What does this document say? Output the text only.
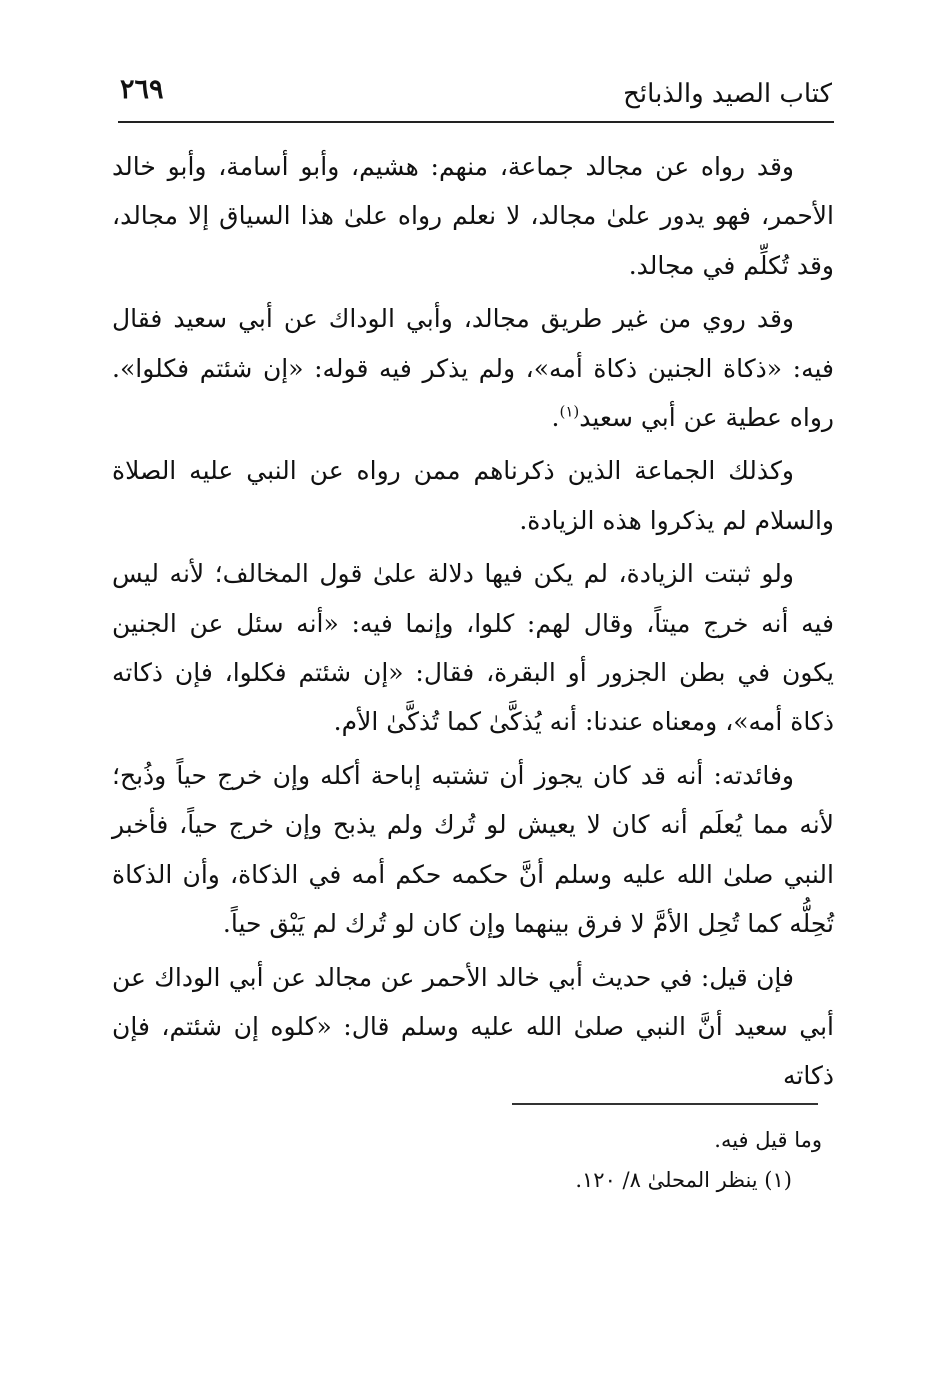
كتاب الصيد والذبائح
٢٦٩

وقد رواه عن مجالد جماعة، منهم: هشيم، وأبو أسامة، وأبو خالد الأحمر، فهو يدور علىٰ مجالد، لا نعلم رواه علىٰ هذا السياق إلا مجالد، وقد تُكلِّم في مجالد.

وقد روي من غير طريق مجالد، وأبي الوداك عن أبي سعيد فقال فيه: «ذكاة الجنين ذكاة أمه»، ولم يذكر فيه قوله: «إن شئتم فكلوا». رواه عطية عن أبي سعيد$^{(١)}$.

وكذلك الجماعة الذين ذكرناهم ممن رواه عن النبي عليه الصلاة والسلام لم يذكروا هذه الزيادة.

ولو ثبتت الزيادة، لم يكن فيها دلالة علىٰ قول المخالف؛ لأنه ليس فيه أنه خرج ميتاً، وقال لهم: كلوا، وإنما فيه: «أنه سئل عن الجنين يكون في بطن الجزور أو البقرة، فقال: «إن شئتم فكلوا، فإن ذكاته ذكاة أمه»، ومعناه عندنا: أنه يُذكَّىٰ كما تُذكَّىٰ الأم.

وفائدته: أنه قد كان يجوز أن تشتبه إباحة أكله وإن خرج حياً وذُبح؛ لأنه مما يُعلَم أنه كان لا يعيش لو تُرك ولم يذبح وإن خرج حياً، فأخبر النبي صلىٰ الله عليه وسلم أنَّ حكمه حكم أمه في الذكاة، وأن الذكاة تُحِلُّه كما تُحِل الأمَّ لا فرق بينهما وإن كان لو تُرك لم يَبْق حياً.

فإن قيل: في حديث أبي خالد الأحمر عن مجالد عن أبي الوداك عن أبي سعيد أنَّ النبي صلىٰ الله عليه وسلم قال: «كلوه إن شئتم، فإن ذكاته

وما قيل فيه.

(١) ينظر المحلىٰ ٨/ ١٢٠.
